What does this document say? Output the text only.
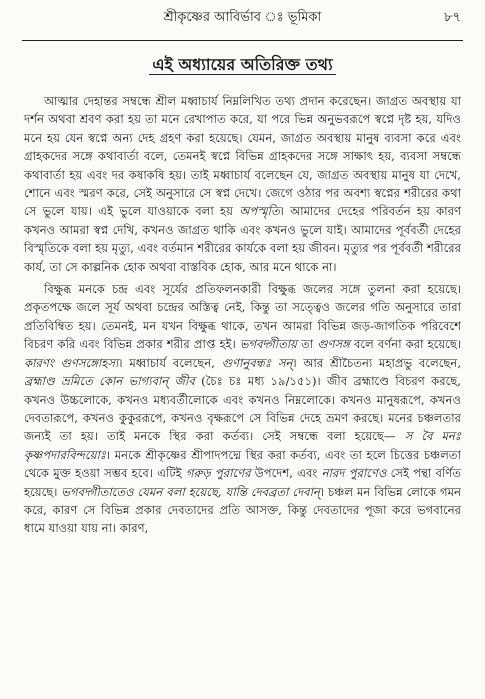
শ্রীকৃষ্ণের আবির্ভাব ঃ ভূমিকা	৮৭
এই অধ্যায়ের অতিরিক্ত তথ্য

আত্মার দেহান্তর সম্বন্ধে শ্রীল মধ্বাচার্য নিম্নলিখিত তথ্য প্রদান করেছেন। জাগ্রত অবস্থায় যা দর্শন অথবা শ্রবণ করা হয় তা মনে রেখাপাত করে, যা পরে ভিন্ন অনুভবরূপে স্বপ্নে দৃষ্ট হয়, যদিও মনে হয় যেন স্বপ্নে অন্য দেহ গ্রহণ করা হয়েছে। যেমন, জাগ্রত অবস্থায় মানুষ ব্যবসা করে এবং গ্রাহকদের সঙ্গে কথাবার্তা বলে, তেমনই স্বপ্নে বিভিন্ন গ্রাহকদের সঙ্গে সাক্ষাৎ হয়, ব্যবসা সম্বন্ধে কথাবার্তা হয় এবং দর কষাকষি হয়। তাই মধ্বাচার্য বলেছেন যে, জাগ্রত অবস্থায় মানুষ যা দেখে, শোনে এবং স্মরণ করে, সেই অনুসারে সে স্বপ্ন দেখে। জেগে ওঠার পর অবশ্য স্বপ্নের শরীরের কথা সে ভুলে যায়। এই ভুলে যাওয়াকে বলা হয় অপস্মৃতি। আমাদের দেহের পরিবর্তন হয় কারণ কখনও আমরা স্বপ্ন দেখি, কখনও জাগ্রত থাকি এবং কখনও ভুলে যাই। আমাদের পূর্ববর্তী দেহের বিস্মৃতিকে বলা হয় মৃত্যু, এবং বর্তমান শরীরের কার্যকে বলা হয় জীবন। মৃত্যুর পর পূর্ববর্তী শরীরের কার্য, তা সে কাল্পনিক হোক অথবা বাস্তবিক হোক, আর মনে থাকে না।

বিক্ষুব্ধ মনকে চন্দ্র এবং সূর্যের প্রতিফলনকারী বিক্ষুব্ধ জলের সঙ্গে তুলনা করা হয়েছে। প্রকৃতপক্ষে জলে সূর্য অথবা চন্দ্রের অস্তিত্ব নেই, কিন্তু তা সত্ত্বেও জলের গতি অনুসারে তারা প্রতিবিম্বিত হয়। তেমনই, মন যখন বিক্ষুব্ধ থাকে, তখন আমরা বিভিন্ন জড়-জাগতিক পরিবেশে বিচরণ করি এবং বিভিন্ন প্রকার শরীর প্রাপ্ত হই। ভগবদ্গীতায় তা গুণসঙ্গ বলে বর্ণনা করা হয়েছে। কারণং গুণসঙ্গোহস্য। মধ্বাচার্য বলেছেন, গুণানুবন্ধঃ সন্। আর শ্রীচৈতন্য মহাপ্রভু বলেছেন, ব্রহ্মাণ্ড ভ্রমিতে কোন ভাগ্যবান্ জীব (চৈঃ চঃ মধ্য ১৯/১৫১)। জীব ব্রহ্মাণ্ডে বিচরণ করছে, কখনও উচ্চলোকে, কখনও মধ্যবর্তীলোকে এবং কখনও নিম্নলোকে। কখনও মানুষরূপে, কখনও দেবতারূপে, কখনও কুকুররূপে, কখনও বৃক্ষরূপে সে বিভিন্ন দেহে ভ্রমণ করছে। মনের চঞ্চলতার জন্যই তা হয়। তাই মনকে স্থির করা কর্তব্য। সেই সম্বন্ধে বলা হয়েছে— স বৈ মনঃ কৃষ্ণপদারবিন্দয়োঃ। মনকে শ্রীকৃষ্ণের শ্রীপাদপদ্মে স্থির করা কর্তব্য, এবং তা হলে চিত্তের চঞ্চলতা থেকে মুক্ত হওয়া সম্ভব হবে। এটিই গরুড় পুরাণের উপদেশ, এবং নারদ পুরাণেও সেই পন্থা বর্ণিত হয়েছে। ভগবদ্গীতাতেও যেমন বলা হয়েছে, যান্তি দেবব্রতা দেবান্। চঞ্চল মন বিভিন্ন লোকে গমন করে, কারণ সে বিভিন্ন প্রকার দেবতাদের প্রতি আসক্ত, কিন্তু দেবতাদের পূজা করে ভগবানের ধামে যাওয়া যায় না। কারণ,
